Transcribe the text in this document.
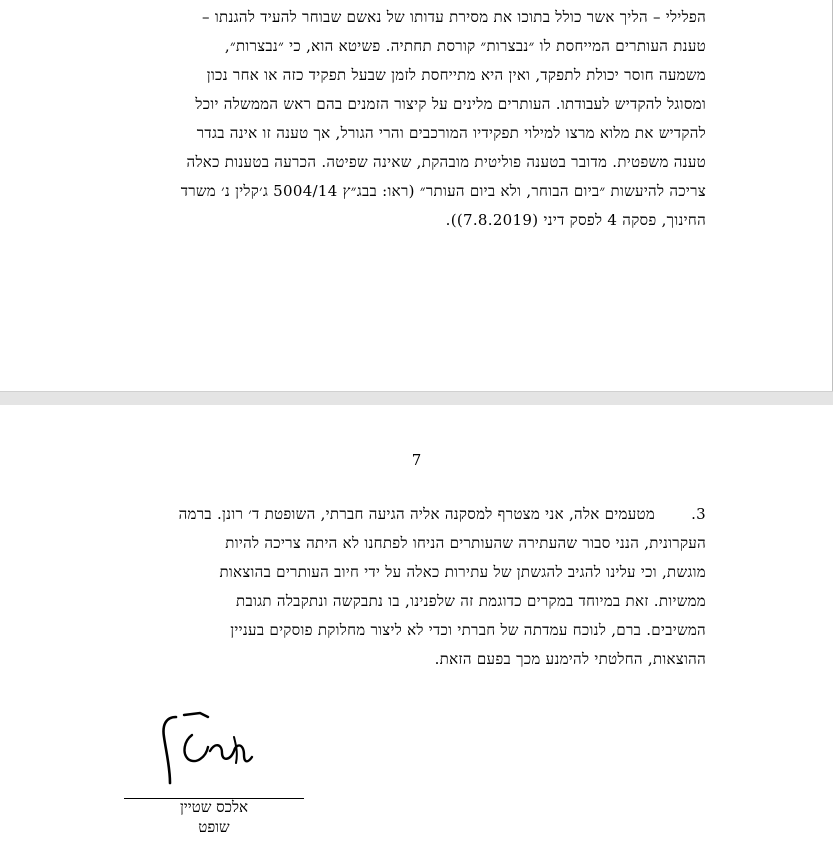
הפלילי – הליך אשר כולל בתוכו את מסירת עדותו של נאשם שבוחר להעיד להגנתו –
טענת העותרים המייחסת לו ״נבצרות״ קורסת תחתיה. פשיטא הוא, כי ״נבצרות״,
משמעה חוסר יכולת לתפקד, ואין היא מתייחסת לזמן שבעל תפקיד כזה או אחר נכון
ומסוגל להקדיש לעבודתו. העותרים מלינים על קיצור הזמנים בהם ראש הממשלה יוכל
להקדיש את מלוא מרצו למילוי תפקידיו המורכבים והרי הגורל, אך טענה זו אינה בגדר
טענה משפטית. מדובר בטענה פוליטית מובהקת, שאינה שפיטה. הכרעה בטענות כאלה
צריכה להיעשות ״ביום הבוחר, ולא ביום העותר״ (ראו: בבג״ץ 5004/14 ג׳קלין נ׳ משרד
החינוך, פסקה 4 לפסק דיני (7.8.2019)).
7
3.מטעמים אלה, אני מצטרף למסקנה אליה הגיעה חברתי, השופטת ד׳ רונן. ברמה
העקרונית, הנני סבור שהעתירה שהעותרים הניחו לפתחנו לא היתה צריכה להיות
מוגשת, וכי עלינו להגיב להגשתן של עתירות כאלה על ידי חיוב העותרים בהוצאות
ממשיות. זאת במיוחד במקרים כדוגמת זה שלפנינו, בו נתבקשה ונתקבלה תגובת
המשיבים. ברם, לנוכח עמדתה של חברתי וכדי לא ליצור מחלוקת פוסקים בעניין
ההוצאות, החלטתי להימנע מכך בפעם הזאת.
אלכס שטיין
שופט
